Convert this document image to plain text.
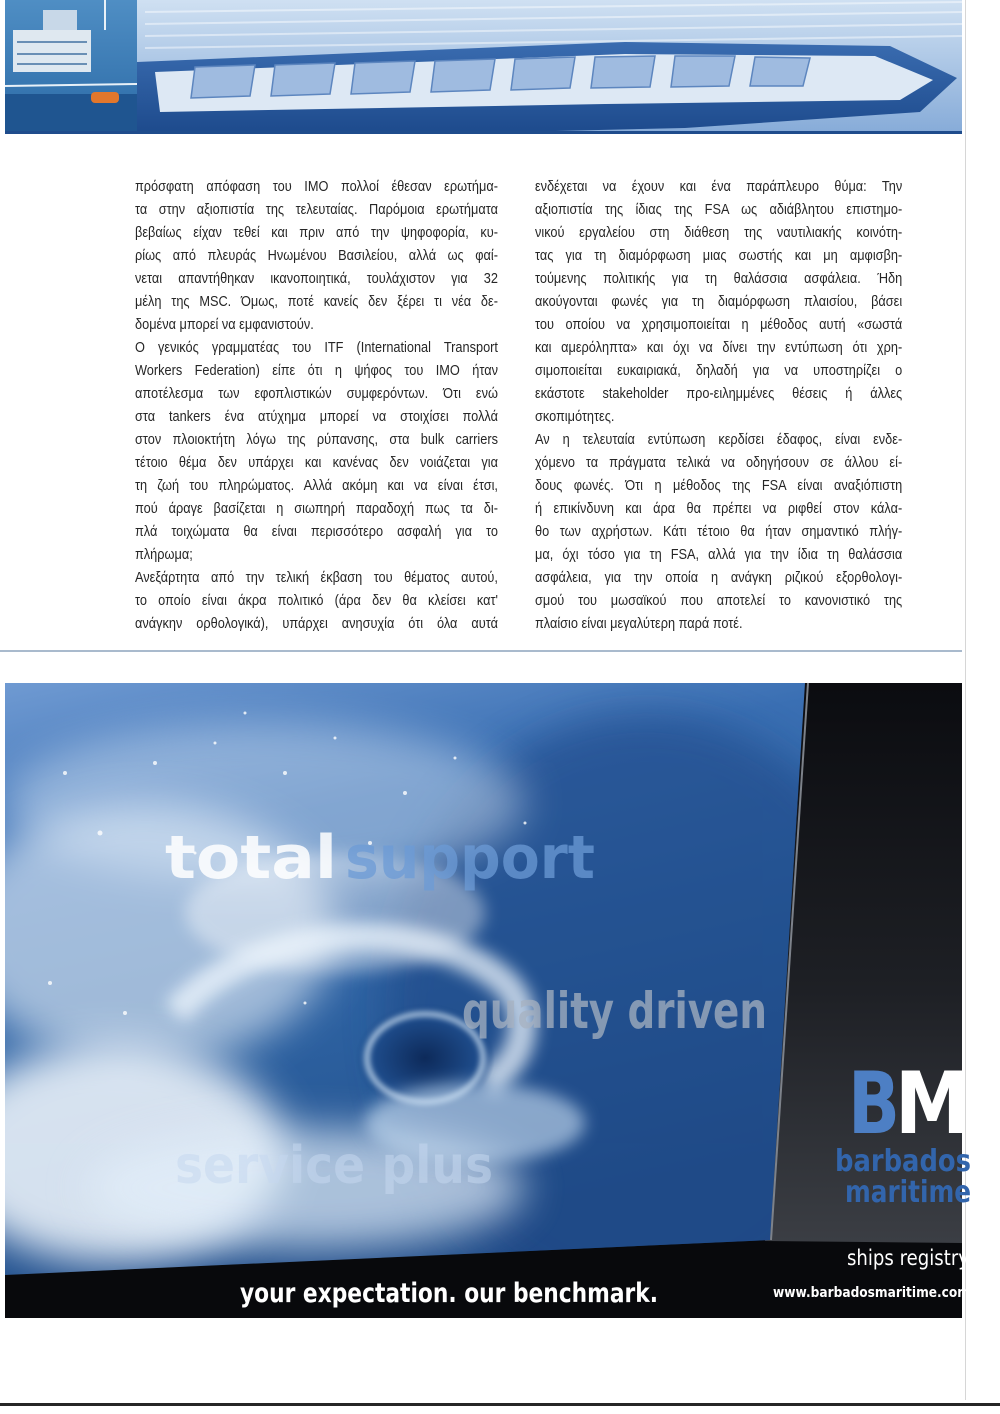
πρόσφατη απόφαση του IMO πολλοί έθεσαν ερωτήμα-
τα στην αξιοπιστία της τελευταίας. Παρόμοια ερωτήματα
βεβαίως είχαν τεθεί και πριν από την ψηφοφορία, κυ-
ρίως από πλευράς Ηνωμένου Βασιλείου, αλλά ως φαί-
νεται απαντήθηκαν ικανοποιητικά, τουλάχιστον για 32
μέλη της MSC. Όμως, ποτέ κανείς δεν ξέρει τι νέα δε-
δομένα μπορεί να εμφανιστούν.
Ο γενικός γραμματέας του ITF (International Transport
Workers Federation) είπε ότι η ψήφος του IMO ήταν
αποτέλεσμα των εφοπλιστικών συμφερόντων. Ότι ενώ
στα tankers ένα ατύχημα μπορεί να στοιχίσει πολλά
στον πλοιοκτήτη λόγω της ρύπανσης, στα bulk carriers
τέτοιο θέμα δεν υπάρχει και κανένας δεν νοιάζεται για
τη ζωή του πληρώματος. Αλλά ακόμη και να είναι έτσι,
πού άραγε βασίζεται η σιωπηρή παραδοχή πως τα δι-
πλά τοιχώματα θα είναι περισσότερο ασφαλή για το
πλήρωμα;
Ανεξάρτητα από την τελική έκβαση του θέματος αυτού,
το οποίο είναι άκρα πολιτικό (άρα δεν θα κλείσει κατ'
ανάγκην ορθολογικά), υπάρχει ανησυχία ότι όλα αυτά
ενδέχεται να έχουν και ένα παράπλευρο θύμα: Την
αξιοπιστία της ίδιας της FSA ως αδιάβλητου επιστημο-
νικού εργαλείου στη διάθεση της ναυτιλιακής κοινότη-
τας για τη διαμόρφωση μιας σωστής και μη αμφισβη-
τούμενης πολιτικής για τη θαλάσσια ασφάλεια. Ήδη
ακούγονται φωνές για τη διαμόρφωση πλαισίου, βάσει
του οποίου να χρησιμοποιείται η μέθοδος αυτή «σωστά
και αμερόληπτα» και όχι να δίνει την εντύπωση ότι χρη-
σιμοποιείται ευκαιριακά, δηλαδή για να υποστηρίζει ο
εκάστοτε stakeholder προ-ειλημμένες θέσεις ή άλλες
σκοπιμότητες.
Αν η τελευταία εντύπωση κερδίσει έδαφος, είναι ενδε-
χόμενο τα πράγματα τελικά να οδηγήσουν σε άλλου εί-
δους φωνές. Ότι η μέθοδος της FSA είναι αναξιόπιστη
ή επικίνδυνη και άρα θα πρέπει να ριφθεί στον κάλα-
θο των αχρήστων. Κάτι τέτοιο θα ήταν σημαντικό πλήγ-
μα, όχι τόσο για τη FSA, αλλά για την ίδια τη θαλάσσια
ασφάλεια, για την οποία η ανάγκη ριζικού εξορθολογι-
σμού του μωσαϊκού που αποτελεί το κανονιστικό της
πλαίσιο είναι μεγαλύτερη παρά ποτέ.
total support
quality driven
service plus
B
M
barbados
maritime
ships registry
www.barbadosmaritime.com
your expectation. our benchmark.
